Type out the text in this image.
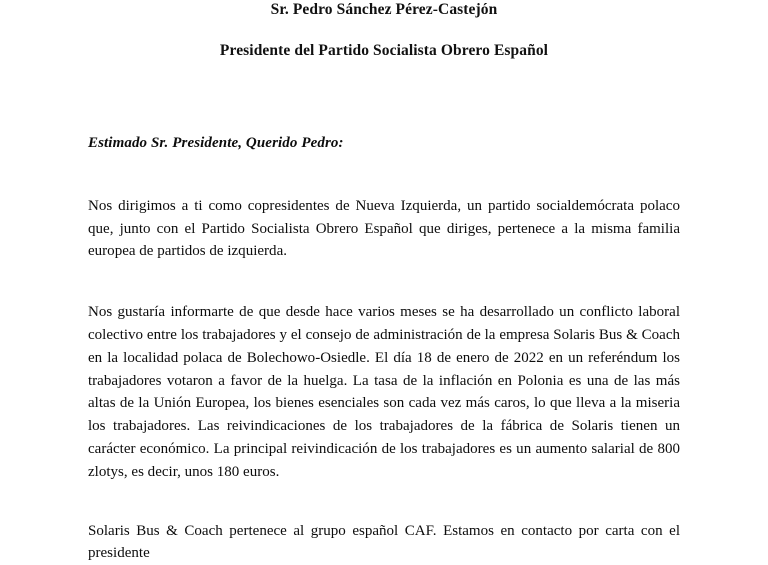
Sr. Pedro Sánchez Pérez-Castejón

Presidente del Partido Socialista Obrero Español

Estimado Sr. Presidente, Querido Pedro:

Nos dirigimos a ti como copresidentes de Nueva Izquierda, un partido socialdemócrata polaco que, junto con el Partido Socialista Obrero Español que diriges, pertenece a la misma familia europea de partidos de izquierda.

Nos gustaría informarte de que desde hace varios meses se ha desarrollado un conflicto laboral colectivo entre los trabajadores y el consejo de administración de la empresa Solaris Bus & Coach en la localidad polaca de Bolechowo-Osiedle. El día 18 de enero de 2022 en un referéndum los trabajadores votaron a favor de la huelga. La tasa de la inflación en Polonia es una de las más altas de la Unión Europea, los bienes esenciales son cada vez más caros, lo que lleva a la miseria los trabajadores. Las reivindicaciones de los trabajadores de la fábrica de Solaris tienen un carácter económico. La principal reivindicación de los trabajadores es un aumento salarial de 800 zlotys, es decir, unos 180 euros.

Solaris Bus & Coach pertenece al grupo español CAF. Estamos en contacto por carta con el presidente
